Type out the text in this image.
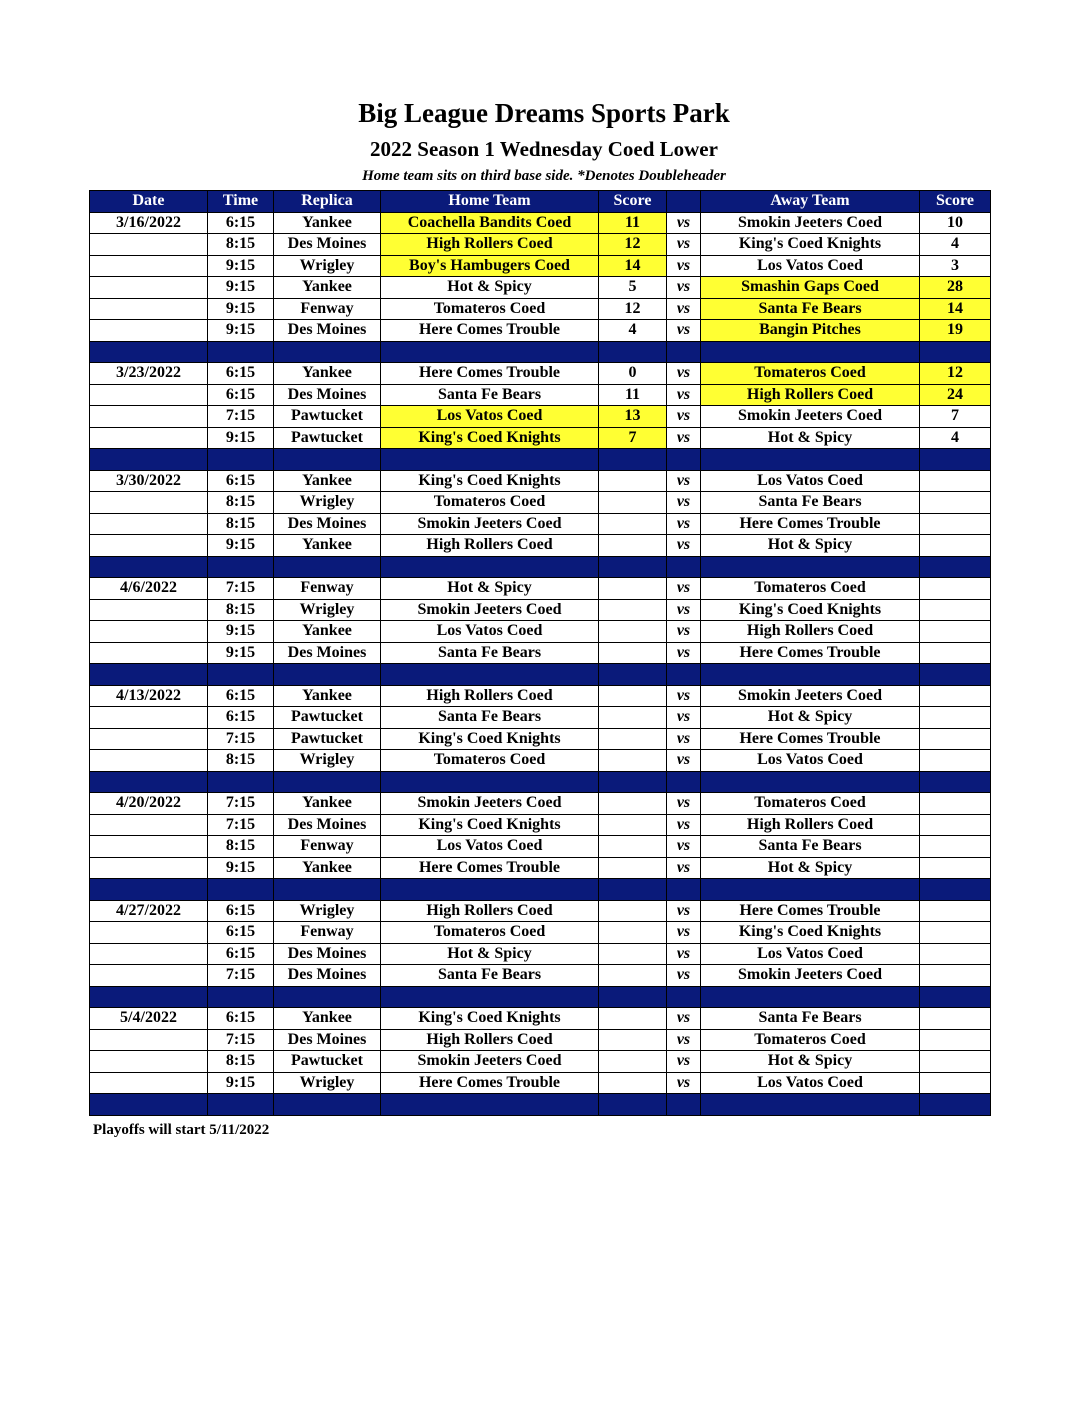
Big League Dreams Sports Park
2022 Season 1 Wednesday Coed Lower
Home team sits on third base side. *Denotes Doubleheader
Date	Time	Replica	Home Team	Score		Away Team	Score
3/16/2022	6:15	Yankee	Coachella Bandits Coed	11	vs	Smokin Jeeters Coed	10
	8:15	Des Moines	High Rollers Coed	12	vs	King's Coed Knights	4
	9:15	Wrigley	Boy's Hambugers Coed	14	vs	Los Vatos Coed	3
	9:15	Yankee	Hot & Spicy	5	vs	Smashin Gaps Coed	28
	9:15	Fenway	Tomateros Coed	12	vs	Santa Fe Bears	14
	9:15	Des Moines	Here Comes Trouble	4	vs	Bangin Pitches	19

3/23/2022	6:15	Yankee	Here Comes Trouble	0	vs	Tomateros Coed	12
	6:15	Des Moines	Santa Fe Bears	11	vs	High Rollers Coed	24
	7:15	Pawtucket	Los Vatos Coed	13	vs	Smokin Jeeters Coed	7
	9:15	Pawtucket	King's Coed Knights	7	vs	Hot & Spicy	4

3/30/2022	6:15	Yankee	King's Coed Knights		vs	Los Vatos Coed	
	8:15	Wrigley	Tomateros Coed		vs	Santa Fe Bears	
	8:15	Des Moines	Smokin Jeeters Coed		vs	Here Comes Trouble	
	9:15	Yankee	High Rollers Coed		vs	Hot & Spicy	

4/6/2022	7:15	Fenway	Hot & Spicy		vs	Tomateros Coed	
	8:15	Wrigley	Smokin Jeeters Coed		vs	King's Coed Knights	
	9:15	Yankee	Los Vatos Coed		vs	High Rollers Coed	
	9:15	Des Moines	Santa Fe Bears		vs	Here Comes Trouble	

4/13/2022	6:15	Yankee	High Rollers Coed		vs	Smokin Jeeters Coed	
	6:15	Pawtucket	Santa Fe Bears		vs	Hot & Spicy	
	7:15	Pawtucket	King's Coed Knights		vs	Here Comes Trouble	
	8:15	Wrigley	Tomateros Coed		vs	Los Vatos Coed	

4/20/2022	7:15	Yankee	Smokin Jeeters Coed		vs	Tomateros Coed	
	7:15	Des Moines	King's Coed Knights		vs	High Rollers Coed	
	8:15	Fenway	Los Vatos Coed		vs	Santa Fe Bears	
	9:15	Yankee	Here Comes Trouble		vs	Hot & Spicy	

4/27/2022	6:15	Wrigley	High Rollers Coed		vs	Here Comes Trouble	
	6:15	Fenway	Tomateros Coed		vs	King's Coed Knights	
	6:15	Des Moines	Hot & Spicy		vs	Los Vatos Coed	
	7:15	Des Moines	Santa Fe Bears		vs	Smokin Jeeters Coed	

5/4/2022	6:15	Yankee	King's Coed Knights		vs	Santa Fe Bears	
	7:15	Des Moines	High Rollers Coed		vs	Tomateros Coed	
	8:15	Pawtucket	Smokin Jeeters Coed		vs	Hot & Spicy	
	9:15	Wrigley	Here Comes Trouble		vs	Los Vatos Coed	

Playoffs will start 5/11/2022
